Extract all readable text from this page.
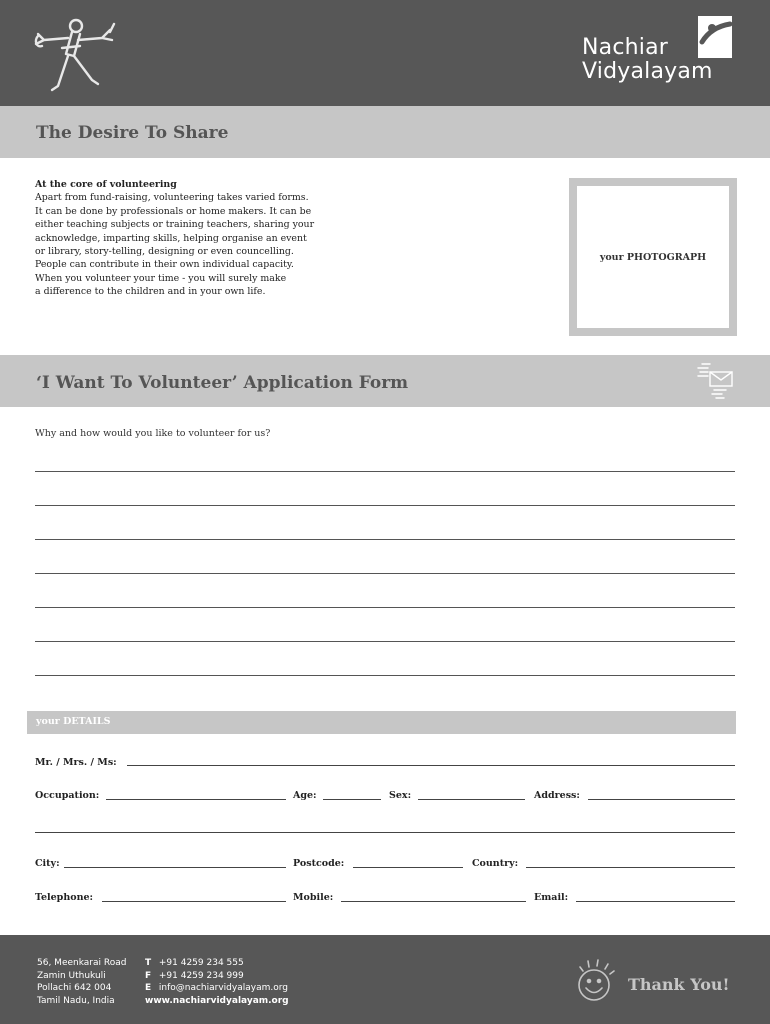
Nachiar
Vidyalayam
The Desire To Share
At the core of volunteering
Apart from fund-raising, volunteering takes varied forms.
It can be done by professionals or home makers. It can be
either teaching subjects or training teachers, sharing your
acknowledge, imparting skills, helping organise an event
or library, story-telling, designing or even councelling.
People can contribute in their own individual capacity.
When you volunteer your time - you will surely make
a difference to the children and in your own life.
your PHOTOGRAPH
‘I Want To Volunteer’ Application Form
Why and how would you like to volunteer for us?
your DETAILS
Mr. / Mrs. / Ms:
Occupation:	Age:	Sex:	Address:
City:	Postcode:	Country:
Telephone:	Mobile:	Email:
56, Meenkarai Road
Zamin Uthukuli
Pollachi 642 004
Tamil Nadu, India
T +91 4259 234 555
F +91 4259 234 999
E info@nachiarvidyalayam.org
www.nachiarvidyalayam.org
Thank You!
